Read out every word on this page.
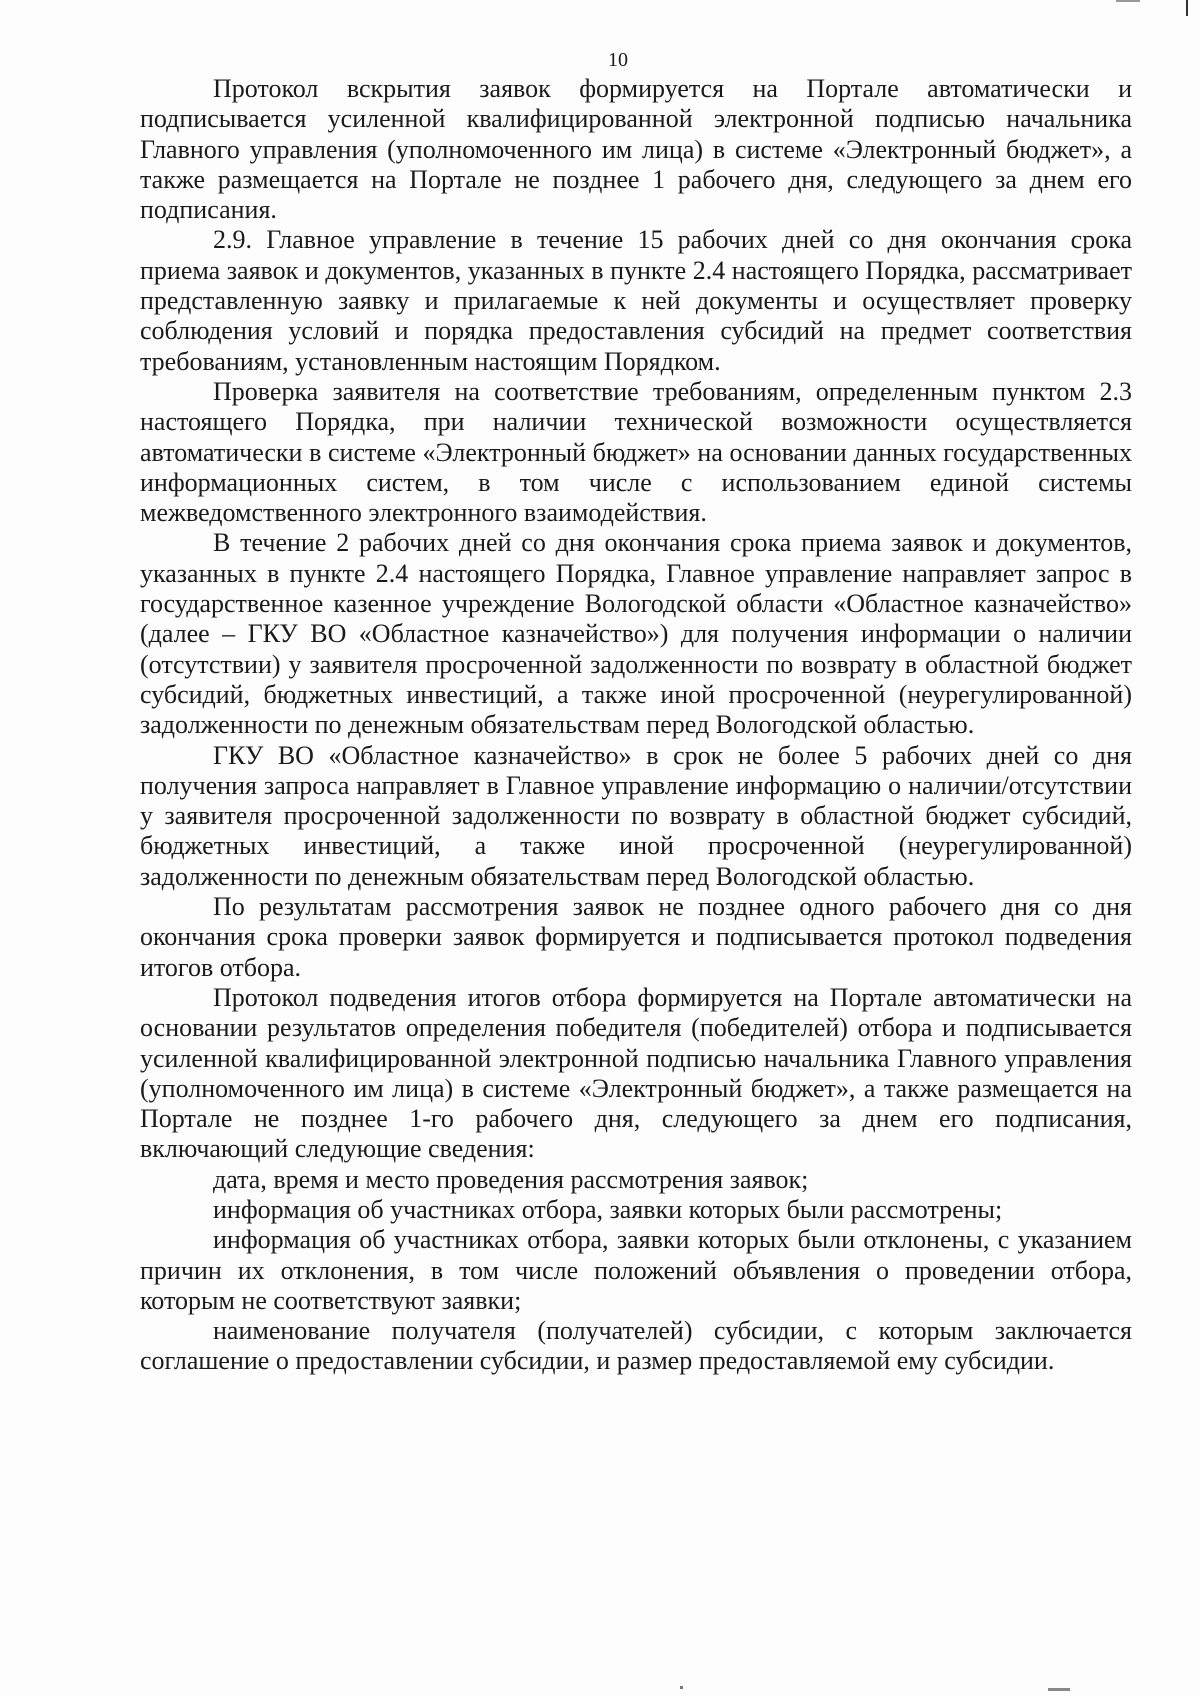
10

Протокол вскрытия заявок формируется на Портале автоматически и подписывается усиленной квалифицированной электронной подписью начальника Главного управления (уполномоченного им лица) в системе «Электронный бюджет», а также размещается на Портале не позднее 1 рабочего дня, следующего за днем его подписания.

2.9. Главное управление в течение 15 рабочих дней со дня окончания срока приема заявок и документов, указанных в пункте 2.4 настоящего Порядка, рассматривает представленную заявку и прилагаемые к ней документы и осуществляет проверку соблюдения условий и порядка предоставления субсидий на предмет соответствия требованиям, установленным настоящим Порядком.

Проверка заявителя на соответствие требованиям, определенным пунктом 2.3 настоящего Порядка, при наличии технической возможности осуществляется автоматически в системе «Электронный бюджет» на основании данных государственных информационных систем, в том числе с использованием единой системы межведомственного электронного взаимодействия.

В течение 2 рабочих дней со дня окончания срока приема заявок и документов, указанных в пункте 2.4 настоящего Порядка, Главное управление направляет запрос в государственное казенное учреждение Вологодской области «Областное казначейство» (далее – ГКУ ВО «Областное казначейство») для получения информации о наличии (отсутствии) у заявителя просроченной задолженности по возврату в областной бюджет субсидий, бюджетных инвестиций, а также иной просроченной (неурегулированной) задолженности по денежным обязательствам перед Вологодской областью.

ГКУ ВО «Областное казначейство» в срок не более 5 рабочих дней со дня получения запроса направляет в Главное управление информацию о наличии/отсутствии у заявителя просроченной задолженности по возврату в областной бюджет субсидий, бюджетных инвестиций, а также иной просроченной (неурегулированной) задолженности по денежным обязательствам перед Вологодской областью.

По результатам рассмотрения заявок не позднее одного рабочего дня со дня окончания срока проверки заявок формируется и подписывается протокол подведения итогов отбора.

Протокол подведения итогов отбора формируется на Портале автоматически на основании результатов определения победителя (победителей) отбора и подписывается усиленной квалифицированной электронной подписью начальника Главного управления (уполномоченного им лица) в системе «Электронный бюджет», а также размещается на Портале не позднее 1-го рабочего дня, следующего за днем его подписания, включающий следующие сведения:

дата, время и место проведения рассмотрения заявок;

информация об участниках отбора, заявки которых были рассмотрены;

информация об участниках отбора, заявки которых были отклонены, с указанием причин их отклонения, в том числе положений объявления о проведении отбора, которым не соответствуют заявки;

наименование получателя (получателей) субсидии, с которым заключается соглашение о предоставлении субсидии, и размер предоставляемой ему субсидии.
